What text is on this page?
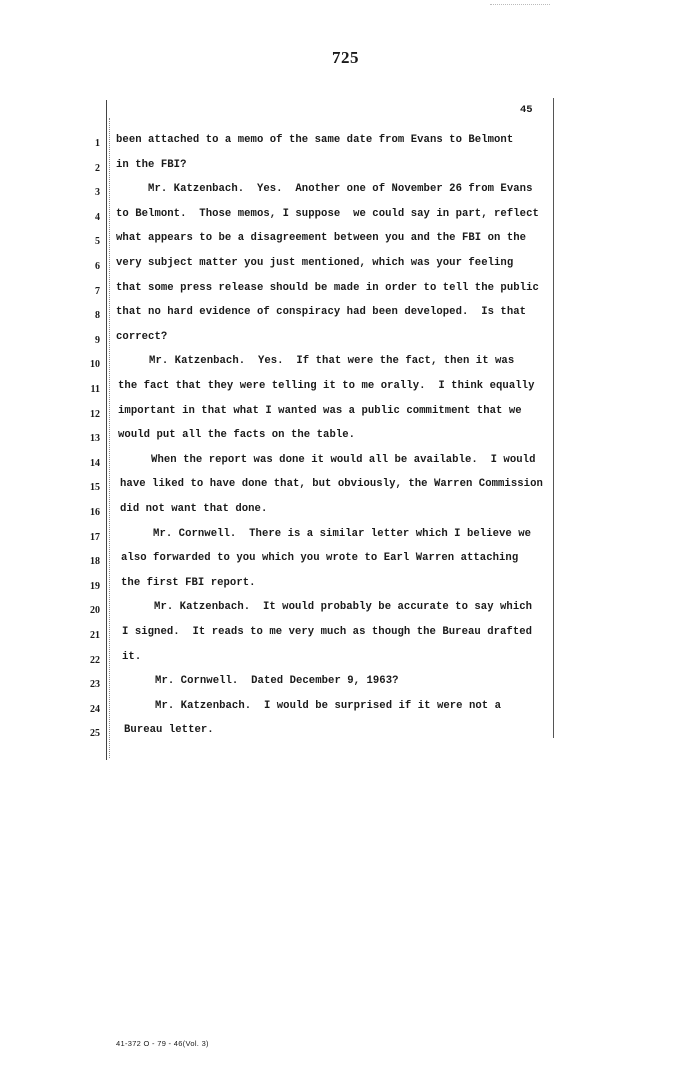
725
45
1 been attached to a memo of the same date from Evans to Belmont
2 in the FBI?
3 Mr. Katzenbach.  Yes.  Another one of November 26 from Evans
4 to Belmont.  Those memos, I suppose  we could say in part, reflect
5 what appears to be a disagreement between you and the FBI on the
6 very subject matter you just mentioned, which was your feeling
7 that some press release should be made in order to tell the public
8 that no hard evidence of conspiracy had been developed.  Is that
9 correct?
10 Mr. Katzenbach.  Yes.  If that were the fact, then it was
11 the fact that they were telling it to me orally.  I think equally
12 important in that what I wanted was a public commitment that we
13 would put all the facts on the table.
14 When the report was done it would all be available.  I would
15 have liked to have done that, but obviously, the Warren Commission
16 did not want that done.
17 Mr. Cornwell.  There is a similar letter which I believe we
18 also forwarded to you which you wrote to Earl Warren attaching
19 the first FBI report.
20 Mr. Katzenbach.  It would probably be accurate to say which
21 I signed.  It reads to me very much as though the Bureau drafted
22 it.
23 Mr. Cornwell.  Dated December 9, 1963?
24 Mr. Katzenbach.  I would be surprised if it were not a
25 Bureau letter.
41-372 O - 79 - 46(Vol. 3)
